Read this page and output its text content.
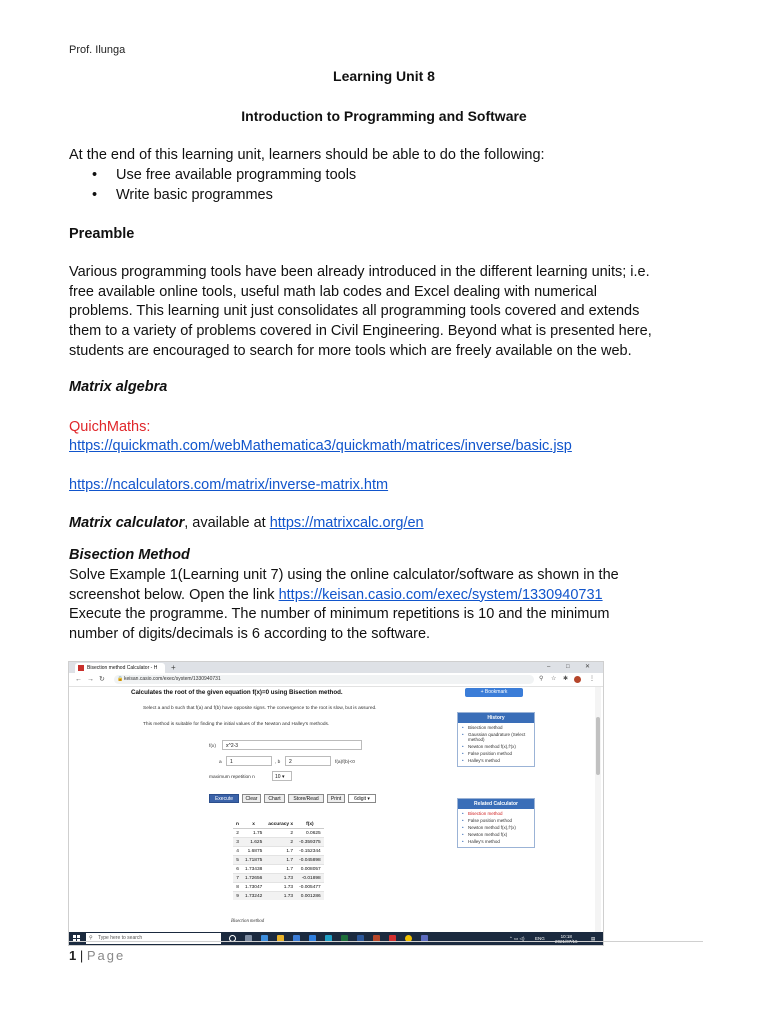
Prof. Ilunga
Learning Unit 8
Introduction to Programming and Software
At the end of this learning unit, learners should be able to do the following:
• Use free available programming tools
• Write basic programmes
Preamble
Various programming tools have been already introduced in the different learning units; i.e.
free available online tools, useful math lab codes and Excel dealing with numerical
problems. This learning unit just consolidates all programming tools covered and extends
them to a variety of problems covered in Civil Engineering. Beyond what is presented here,
students are encouraged to search for more tools which are freely available on the web.
Matrix algebra
QuichMaths:
https://quickmath.com/webMathematica3/quickmath/matrices/inverse/basic.jsp
https://ncalculators.com/matrix/inverse-matrix.htm
Matrix calculator, available at https://matrixcalc.org/en
Bisection Method
Solve Example 1(Learning unit 7) using the online calculator/software as shown in the
screenshot below. Open the link https://keisan.casio.com/exec/system/1330940731
Execute the programme. The number of minimum repetitions is 10 and the minimum
number of digits/decimals is 6 according to the software.
Bisection method Calculator - H	+	–	□	✕
← → ↻ 🔒 keisan.casio.com/exec/system/1330940731	⚲ ☆ ✱	⋮
Calculates the root of the given equation f(x)=0 using Bisection method.
Select a and b such that f(a) and f(b) have opposite signs. The convergence to the root is slow, but is assured.
This method is suitable for finding the initial values of the Newton and Halley's methods.
f(x)	x^2-3
a	1	, b	2	f(a)f(b)<0
maximum repetition n	10 ▾
Execute	Clear	Chart	Store/Read	Print	6digit ▾
n	x	accuracy x	f(x)
2	1.75	2	0.0625
3	1.625	2	-0.359375
4	1.6875	1.7	-0.152344
5	1.71875	1.7	-0.045898
6	1.73438	1.7	0.008057
7	1.72656	1.73	-0.01898
8	1.73047	1.73	-0.005477
9	1.73242	1.73	0.001286
Bisection method
+ Bookmark
History
• Bisection method
• Gaussian quadrature (Select method)
• Newton method f(x),f'(x)
• False position method
• Halley's method
Related Calculator
• Bisection method
• False position method
• Newton method f(x),f'(x)
• Newton method f(x)
• Halley's method
⚲ Type here to search	⌃ ▭ ◁) ENG	10:18
2021/07/16
▤
1 | Page
